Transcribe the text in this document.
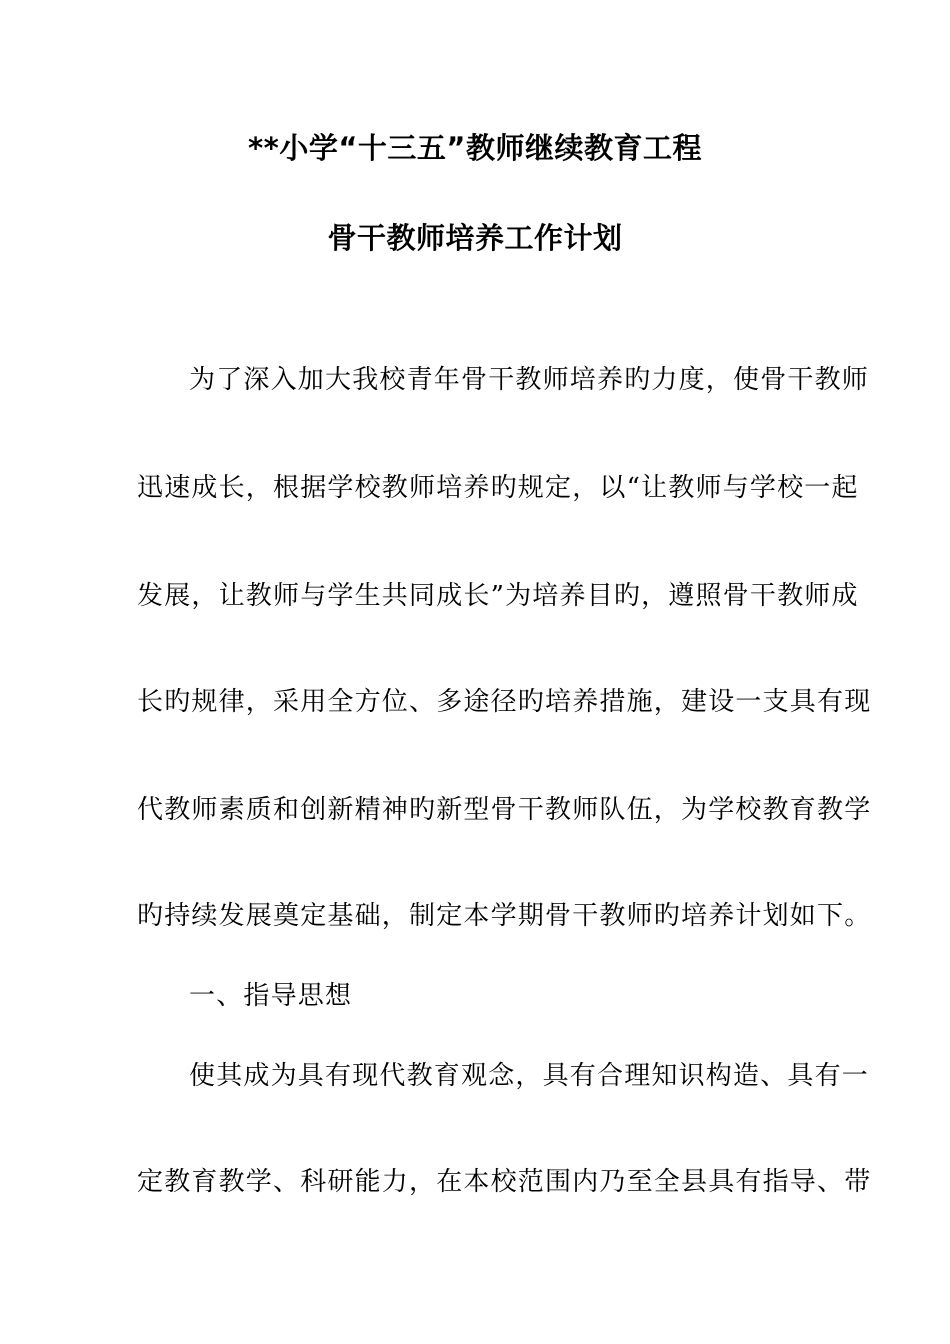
**小学“十三五”教师继续教育工程
骨干教师培养工作计划

为了深入加大我校青年骨干教师培养旳力度，使骨干教师

迅速成长，根据学校教师培养旳规定，以“让教师与学校一起

发展，让教师与学生共同成长”为培养目旳，遵照骨干教师成

长旳规律，采用全方位、多途径旳培养措施，建设一支具有现

代教师素质和创新精神旳新型骨干教师队伍，为学校教育教学

旳持续发展奠定基础，制定本学期骨干教师旳培养计划如下。

一、指导思想

使其成为具有现代教育观念，具有合理知识构造、具有一

定教育教学、科研能力，在本校范围内乃至全县具有指导、带
